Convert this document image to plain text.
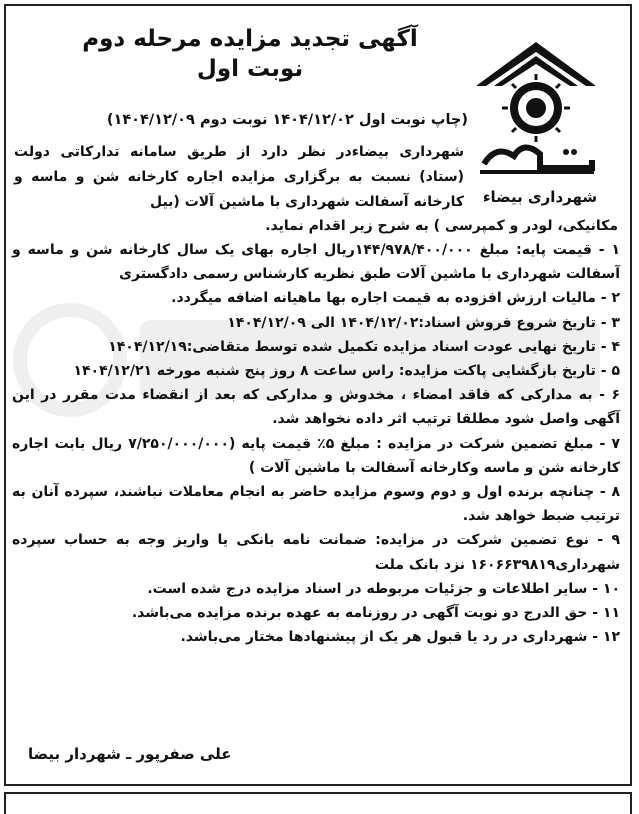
شهرداری بیضاء
آگهی تجدید مزایده مرحله دوم
نوبت اول
(چاپ نوبت اول ۱۴۰۴/۱۲/۰۲ نوبت دوم ۱۴۰۴/۱۲/۰۹)
شهرداری بیضاءدر نظر دارد از طریق سامانه تدارکاتی دولت (ستاد) نسبت به برگزاری مزایده اجاره کارخانه شن و ماسه و کارخانه آسفالت شهرداری با ماشین آلات (بیل
مکانیکی، لودر و کمپرسی ) به شرح زیر اقدام نماید.

۱ - قیمت پایه: مبلغ ۱۴۴/۹۷۸/۴۰۰/۰۰۰ریال اجاره بهای یک سال کارخانه شن و ماسه و آسفالت شهرداری با ماشین آلات طبق نظریه کارشناس رسمی دادگستری

۲ - مالیات ارزش افزوده به قیمت اجاره بها ماهیانه اضافه میگردد.

۳ - تاریخ شروع فروش اسناد:۱۴۰۴/۱۲/۰۲ الی ۱۴۰۴/۱۲/۰۹

۴ - تاریخ نهایی عودت اسناد مزایده تکمیل شده توسط متقاضی:۱۴۰۴/۱۲/۱۹

۵ - تاریخ بازگشایی پاکت مزایده: راس ساعت ۸ روز پنج شنبه مورخه ۱۴۰۴/۱۲/۲۱

۶ - به مدارکی که فاقد امضاء ، مخدوش و مدارکی که بعد از انقضاء مدت مقرر در این آگهی واصل شود مطلقا ترتیب اثر داده نخواهد شد.

۷ - مبلغ تضمین شرکت در مزایده : مبلغ ۵٪ قیمت پایه (۷/۲۵۰/۰۰۰/۰۰۰ ریال بابت اجاره کارخانه شن و ماسه وکارخانه آسفالت با ماشین آلات )

۸ - چنانچه برنده اول و دوم وسوم مزایده حاضر به انجام معاملات نباشند، سپرده آنان به ترتیب ضبط خواهد شد.

۹ - نوع تضمین شرکت در مزایده: ضمانت نامه بانکی یا واریز وجه به حساب سپرده شهرداری۱۶۰۶۶۳۹۸۱۹ نزد بانک ملت

۱۰ - سایر اطلاعات و جزئیات مربوطه در اسناد مزایده درج شده است.

۱۱ - حق الدرج دو نوبت آگهی در روزنامه به عهده برنده مزایده می‌باشد.

۱۲ - شهرداری در رد یا قبول هر یک از پیشنهادها مختار می‌باشد.

علی صفرپور ـ شهردار بیضا
